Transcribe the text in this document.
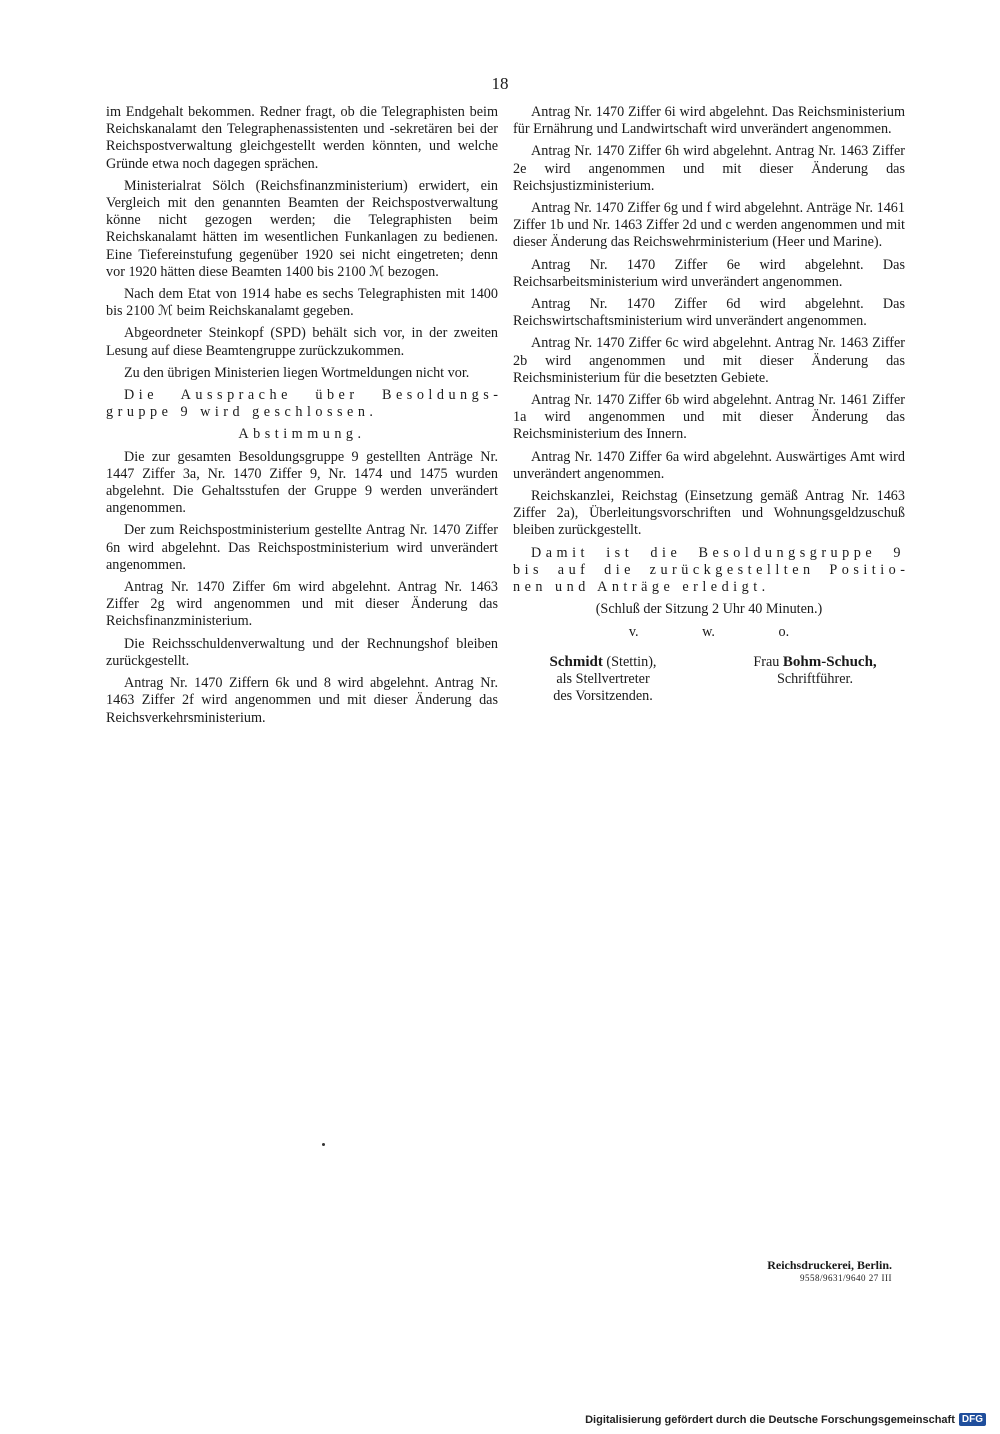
18

im Endgehalt bekommen. Redner fragt, ob die Telegraphisten beim Reichskanalamt den Telegraphenassistenten und -sekretären bei der Reichspostverwaltung gleichgestellt werden könnten, und welche Gründe etwa noch dagegen sprächen.

Ministerialrat Sölch (Reichsfinanzministerium) erwidert, ein Vergleich mit den genannten Beamten der Reichspostverwaltung könne nicht gezogen werden; die Telegraphisten beim Reichskanalamt hätten im wesentlichen Funkanlagen zu bedienen. Eine Tiefereinstufung gegenüber 1920 sei nicht eingetreten; denn vor 1920 hätten diese Beamten 1400 bis 2100 ℳ bezogen.

Nach dem Etat von 1914 habe es sechs Telegraphisten mit 1400 bis 2100 ℳ beim Reichskanalamt gegeben.

Abgeordneter Steinkopf (SPD) behält sich vor, in der zweiten Lesung auf diese Beamtengruppe zurückzukommen.

Zu den übrigen Ministerien liegen Wortmeldungen nicht vor.

Die Aussprache über Besoldungsgruppe 9 wird geschlossen.

Abstimmung.

Die zur gesamten Besoldungsgruppe 9 gestellten Anträge Nr. 1447 Ziffer 3a, Nr. 1470 Ziffer 9, Nr. 1474 und 1475 wurden abgelehnt. Die Gehaltsstufen der Gruppe 9 werden unverändert angenommen.

Der zum Reichspostministerium gestellte Antrag Nr. 1470 Ziffer 6n wird abgelehnt. Das Reichspostministerium wird unverändert angenommen.

Antrag Nr. 1470 Ziffer 6m wird abgelehnt. Antrag Nr. 1463 Ziffer 2g wird angenommen und mit dieser Änderung das Reichsfinanzministerium.

Die Reichsschuldenverwaltung und der Rechnungshof bleiben zurückgestellt.

Antrag Nr. 1470 Ziffern 6k und 8 wird abgelehnt. Antrag Nr. 1463 Ziffer 2f wird angenommen und mit dieser Änderung das Reichsverkehrsministerium.

Antrag Nr. 1470 Ziffer 6i wird abgelehnt. Das Reichsministerium für Ernährung und Landwirtschaft wird unverändert angenommen.

Antrag Nr. 1470 Ziffer 6h wird abgelehnt. Antrag Nr. 1463 Ziffer 2e wird angenommen und mit dieser Änderung das Reichsjustizministerium.

Antrag Nr. 1470 Ziffer 6g und f wird abgelehnt. Anträge Nr. 1461 Ziffer 1b und Nr. 1463 Ziffer 2d und c werden angenommen und mit dieser Änderung das Reichswehrministerium (Heer und Marine).

Antrag Nr. 1470 Ziffer 6e wird abgelehnt. Das Reichsarbeitsministerium wird unverändert angenommen.

Antrag Nr. 1470 Ziffer 6d wird abgelehnt. Das Reichswirtschaftsministerium wird unverändert angenommen.

Antrag Nr. 1470 Ziffer 6c wird abgelehnt. Antrag Nr. 1463 Ziffer 2b wird angenommen und mit dieser Änderung das Reichsministerium für die besetzten Gebiete.

Antrag Nr. 1470 Ziffer 6b wird abgelehnt. Antrag Nr. 1461 Ziffer 1a wird angenommen und mit dieser Änderung das Reichsministerium des Innern.

Antrag Nr. 1470 Ziffer 6a wird abgelehnt. Auswärtiges Amt wird unverändert angenommen.

Reichskanzlei, Reichstag (Einsetzung gemäß Antrag Nr. 1463 Ziffer 2a), Überleitungsvorschriften und Wohnungsgeldzuschuß bleiben zurückgestellt.

Damit ist die Besoldungsgruppe 9 bis auf die zurückgestellten Positionen und Anträge erledigt.

(Schluß der Sitzung 2 Uhr 40 Minuten.)

v. w. o.
Schmidt (Stettin),
als Stellvertreter
des Vorsitzenden.
Frau Bohm-Schuch,
Schriftführer.
Reichsdruckerei, Berlin.
9558/9631/9640 27 III
Digitalisierung gefördert durch die Deutsche Forschungsgemeinschaft DFG
